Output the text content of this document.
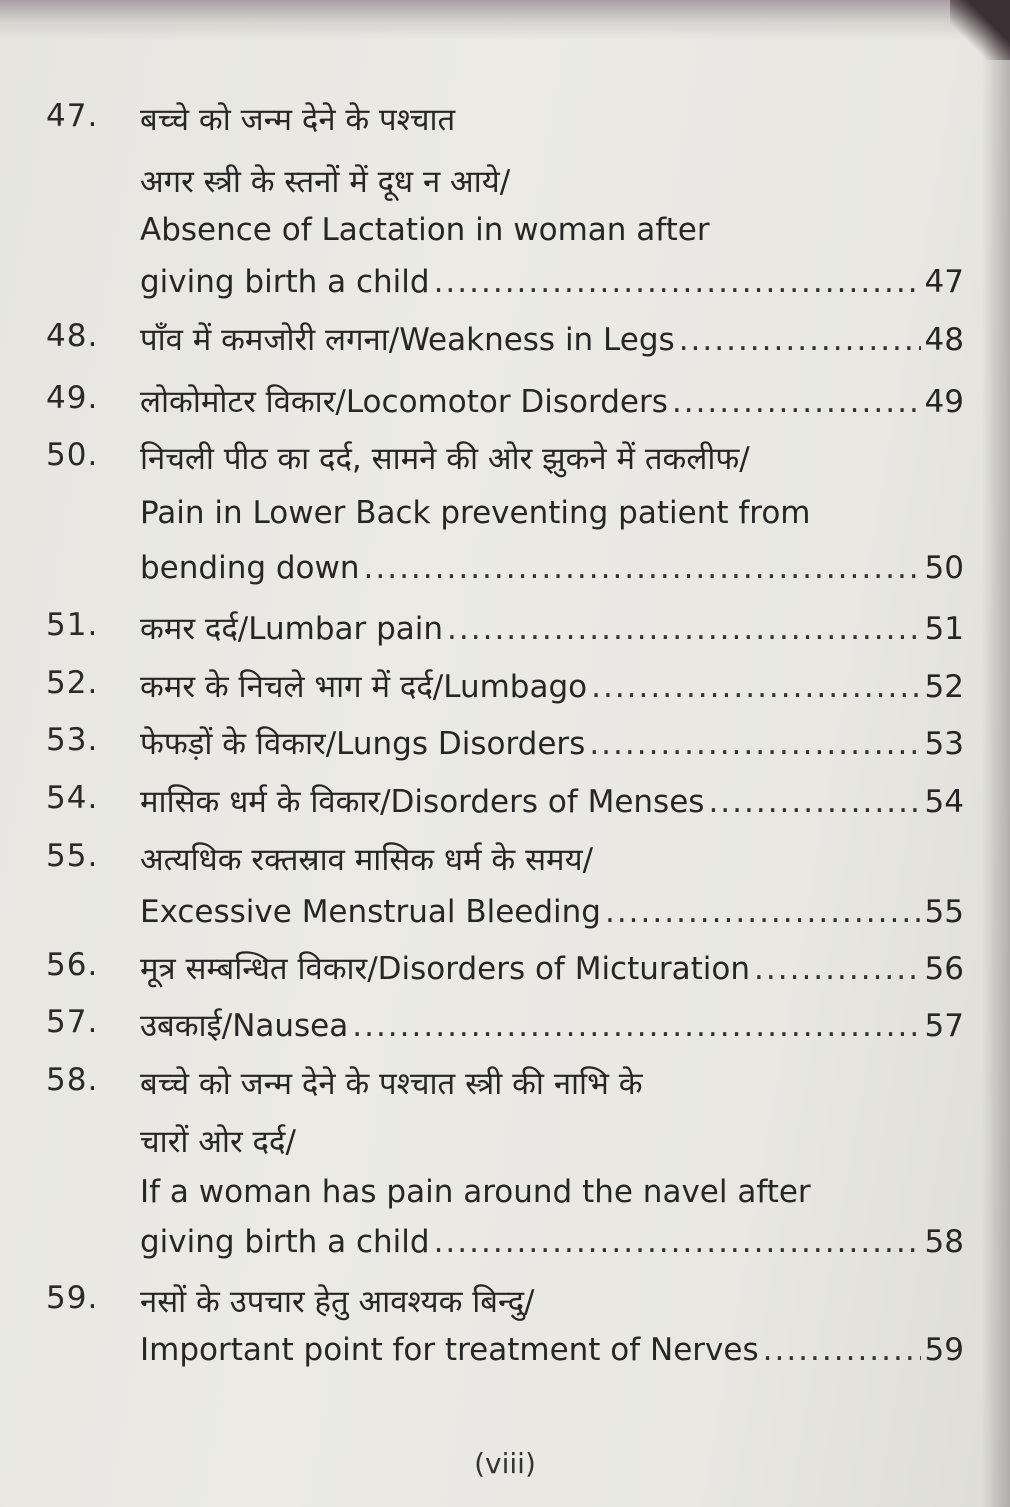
47. बच्चे को जन्म देने के पश्चात
अगर स्त्री के स्तनों में दूध न आये/
Absence of Lactation in woman after
giving birth a child .....	47
48. पाँव में कमजोरी लगना/Weakness in Legs .....	48
49. लोकोमोटर विकार/Locomotor Disorders .....	49
50. निचली पीठ का दर्द, सामने की ओर झुकने में तकलीफ/
Pain in Lower Back preventing patient from
bending down .....	50
51. कमर दर्द/Lumbar pain .....	51
52. कमर के निचले भाग में दर्द/Lumbago .....	52
53. फेफड़ों के विकार/Lungs Disorders .....	53
54. मासिक धर्म के विकार/Disorders of Menses .....	54
55. अत्यधिक रक्तस्राव मासिक धर्म के समय/
Excessive Menstrual Bleeding .....	55
56. मूत्र सम्बन्धित विकार/Disorders of Micturation .....	56
57. उबकाई/Nausea .....	57
58. बच्चे को जन्म देने के पश्चात स्त्री की नाभि के
चारों ओर दर्द/
If a woman has pain around the navel after
giving birth a child .....	58
59. नसों के उपचार हेतु आवश्यक बिन्दु/
Important point for treatment of Nerves .....	59
(viii)
